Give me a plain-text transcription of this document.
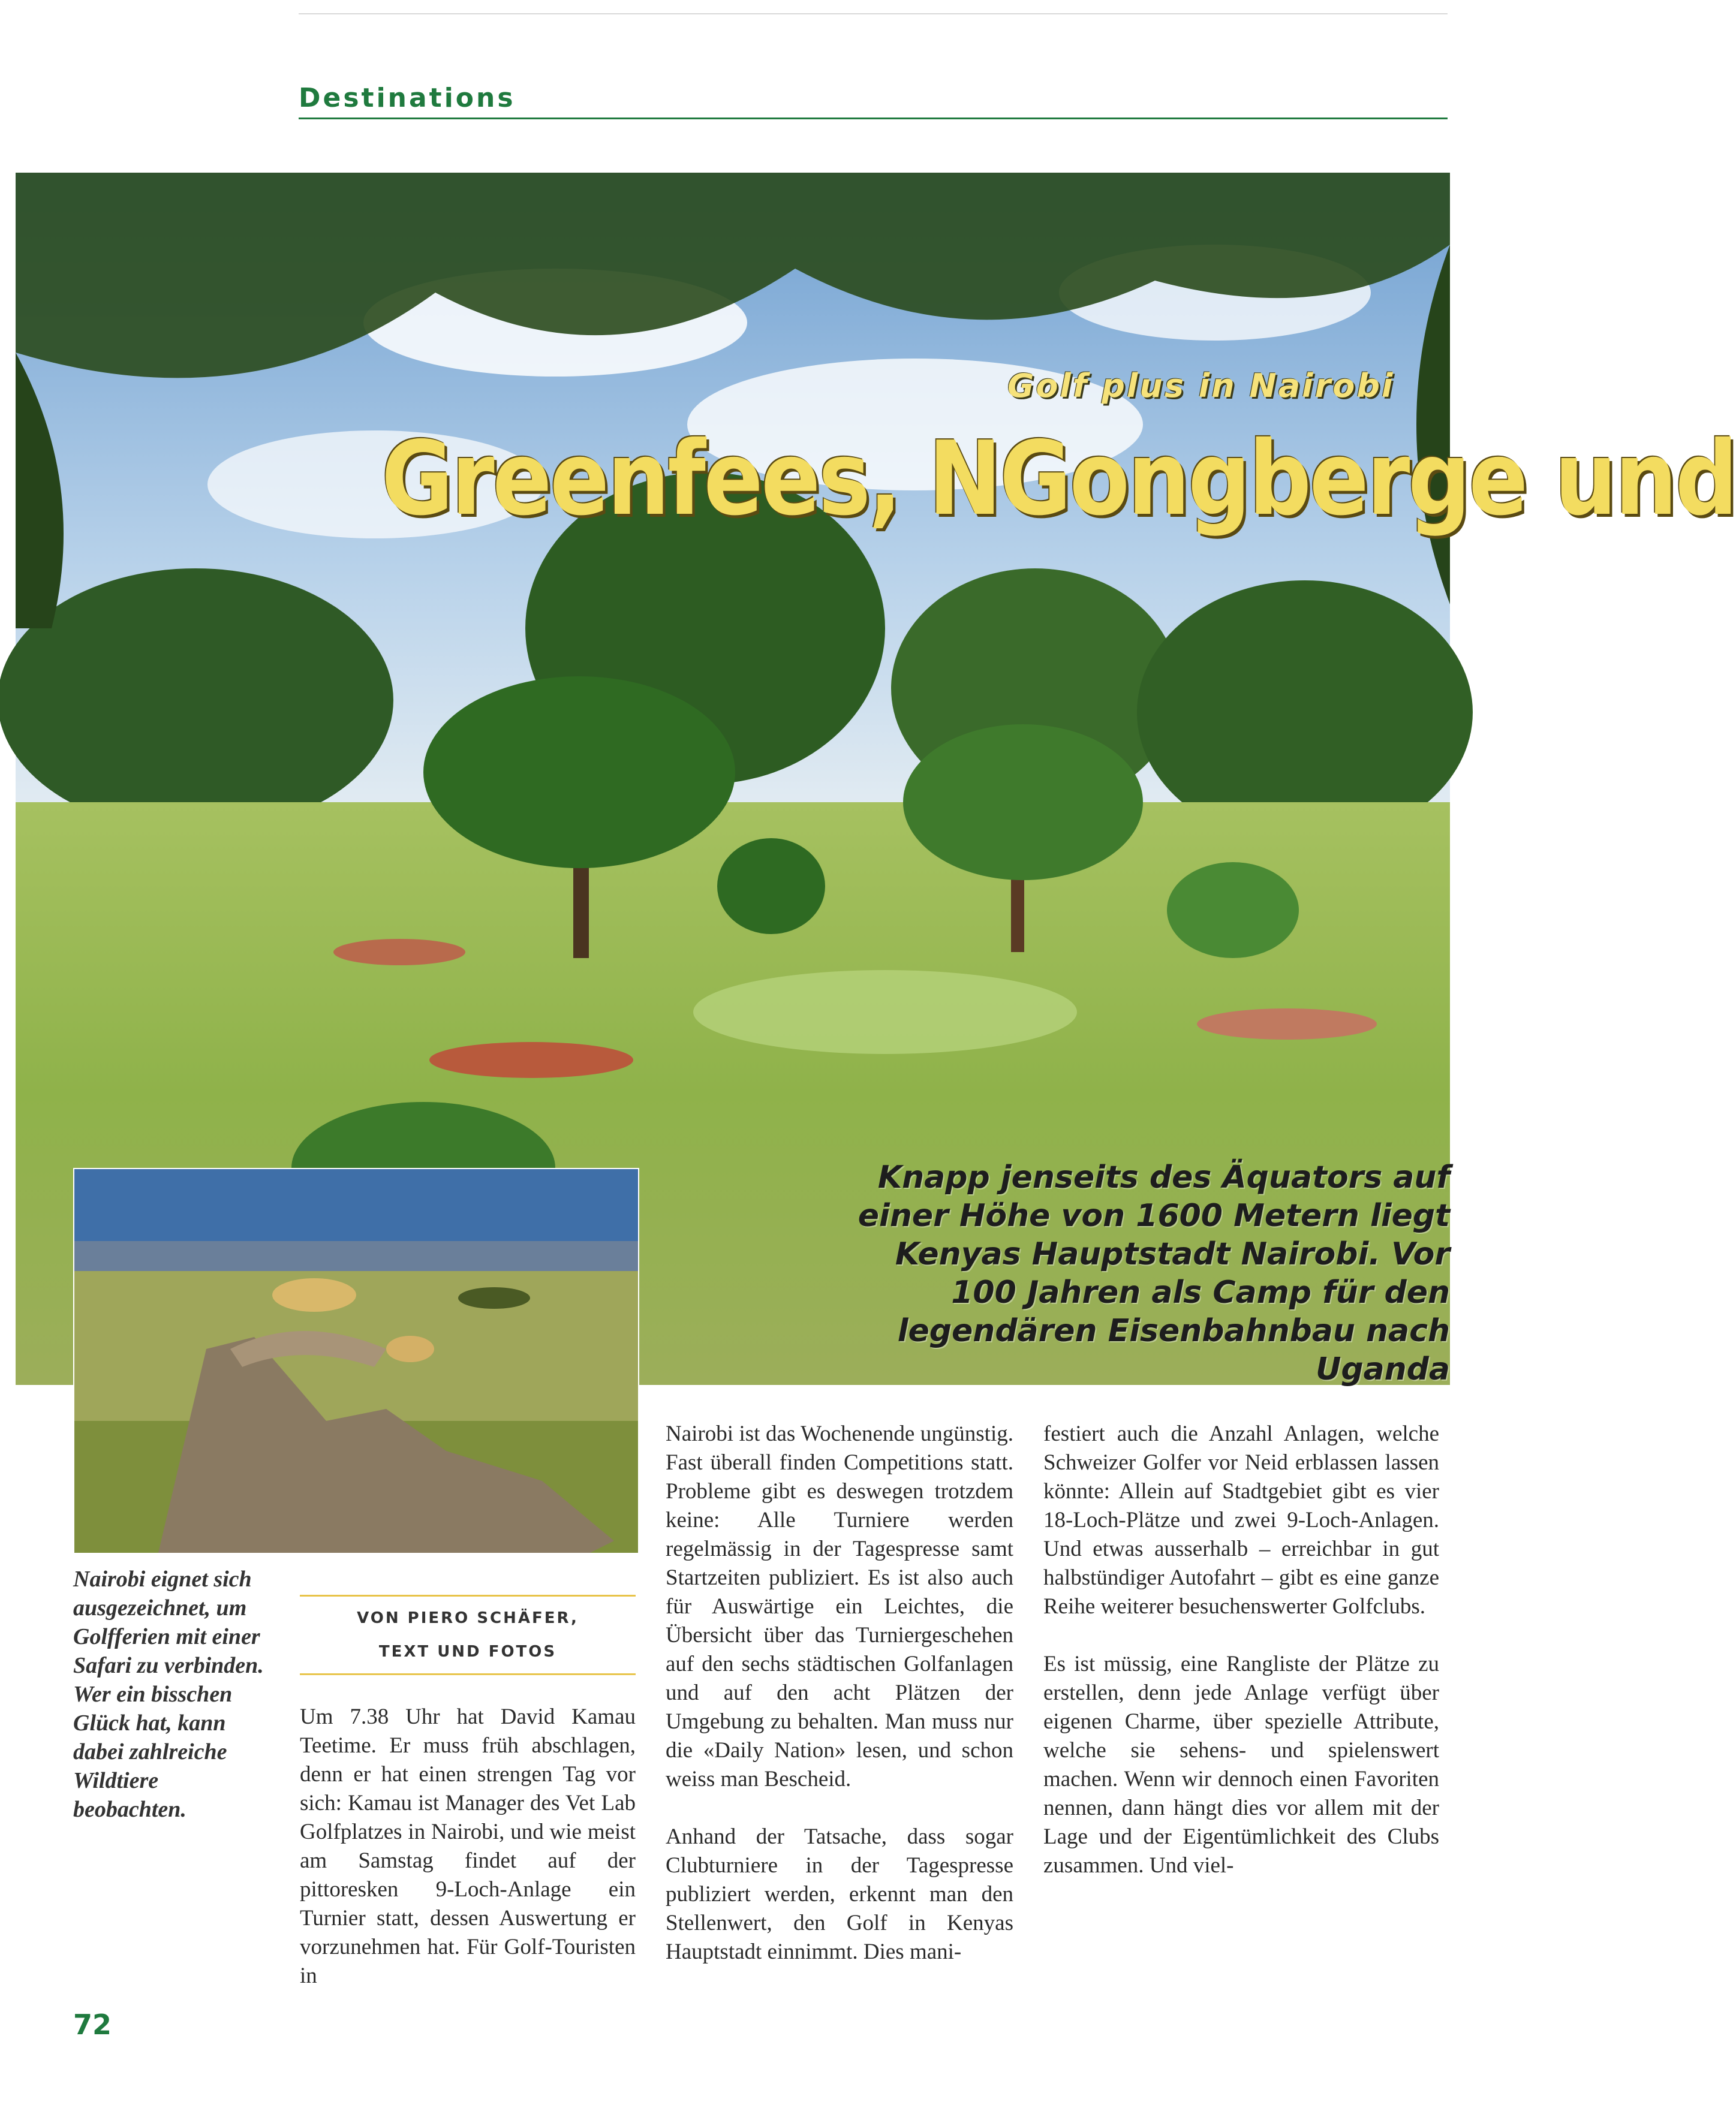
Destinations
Golf plus in Nairobi
Greenfees, NGongberge und
Knapp jenseits des Äquators auf einer Höhe von 1600 Metern liegt Kenyas Hauptstadt Nairobi. Vor 100 Jahren als Camp für den legendären Eisenbahnbau nach Uganda
Nairobi eignet sich ausgezeichnet, um Golfferien mit einer Safari zu verbinden. Wer ein bisschen Glück hat, kann dabei zahlreiche Wildtiere beobachten.
VON PIERO SCHÄFER,
TEXT UND FOTOS

Um 7.38 Uhr hat David Kamau Teetime. Er muss früh abschlagen, denn er hat einen strengen Tag vor sich: Kamau ist Manager des Vet Lab Golfplatzes in Nairobi, und wie meist am Samstag findet auf der pittoresken 9-Loch-Anlage ein Turnier statt, dessen Auswertung er vorzunehmen hat. Für Golf-Touristen in

Nairobi ist das Wochenende ungünstig. Fast überall finden Competitions statt. Probleme gibt es deswegen trotzdem keine: Alle Turniere werden regelmässig in der Tagespresse samt Startzeiten publiziert. Es ist also auch für Auswärtige ein Leichtes, die Übersicht über das Turniergeschehen auf den sechs städtischen Golfanlagen und auf den acht Plätzen der Umgebung zu behalten. Man muss nur die «Daily Nation» lesen, und schon weiss man Bescheid.

Anhand der Tatsache, dass sogar Clubturniere in der Tagespresse publiziert werden, erkennt man den Stellenwert, den Golf in Kenyas Hauptstadt einnimmt. Dies mani-

festiert auch die Anzahl Anlagen, welche Schweizer Golfer vor Neid erblassen lassen könnte: Allein auf Stadtgebiet gibt es vier 18-Loch-Plätze und zwei 9-Loch-Anlagen. Und etwas ausserhalb – erreichbar in gut halbstündiger Autofahrt – gibt es eine ganze Reihe weiterer besuchenswerter Golfclubs.

Es ist müssig, eine Rangliste der Plätze zu erstellen, denn jede Anlage verfügt über eigenen Charme, über spezielle Attribute, welche sie sehens- und spielenswert machen. Wenn wir dennoch einen Favoriten nennen, dann hängt dies vor allem mit der Lage und der Eigentümlichkeit des Clubs zusammen. Und viel-

72
